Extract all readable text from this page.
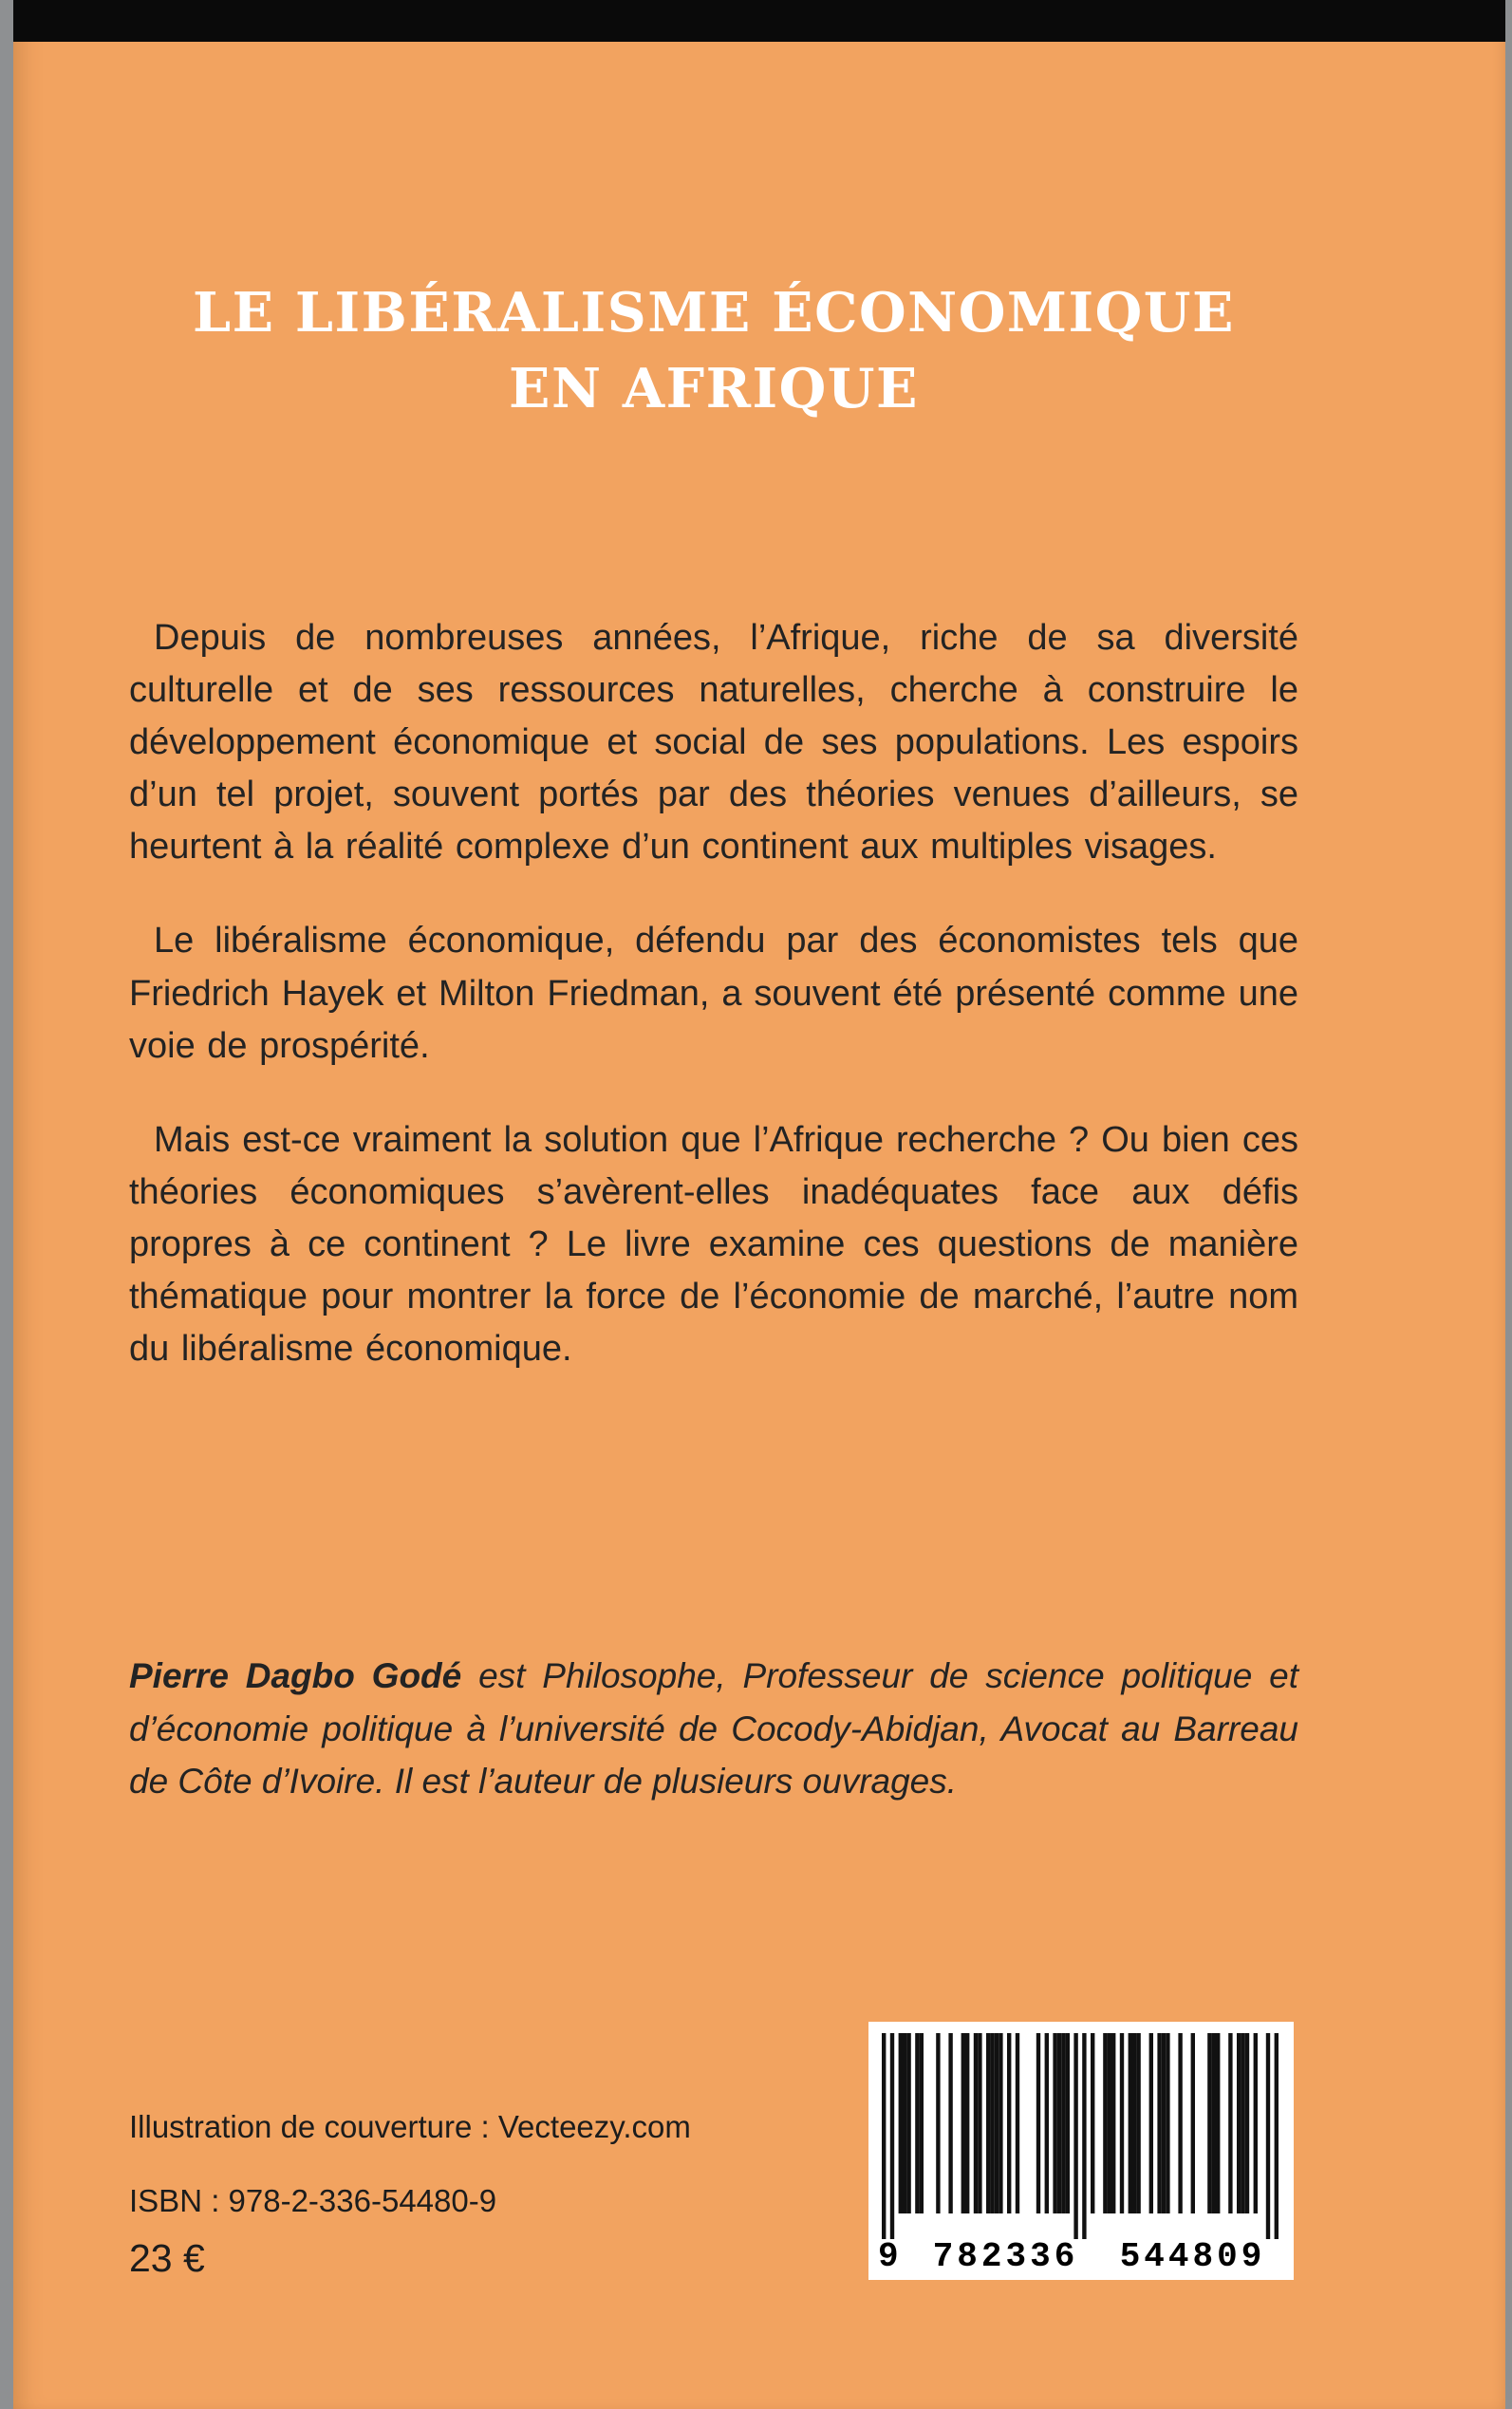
LE LIBÉRALISME ÉCONOMIQUE
EN AFRIQUE

Depuis de nombreuses années, l’Afrique, riche de sa diversité culturelle et de ses ressources naturelles, cherche à construire le développement économique et social de ses populations. Les espoirs d’un tel projet, souvent portés par des théories venues d’ailleurs, se heurtent à la réalité complexe d’un continent aux multiples visages.

Le libéralisme économique, défendu par des économistes tels que Friedrich Hayek et Milton Friedman, a souvent été présenté comme une voie de prospérité.

Mais est-ce vraiment la solution que l’Afrique recherche ? Ou bien ces théories économiques s’avèrent-elles inadéquates face aux défis propres à ce continent ? Le livre examine ces questions de manière thématique pour montrer la force de l’économie de marché, l’autre nom du libéralisme économique.

Pierre Dagbo Godé est Philosophe, Professeur de science politique et d’économie politique à l’université de Cocody-Abidjan, Avocat au Barreau de Côte d’Ivoire. Il est l’auteur de plusieurs ouvrages.

Illustration de couverture : Vecteezy.com
ISBN : 978-2-336-54480-9
23 €	9	782336	544809
